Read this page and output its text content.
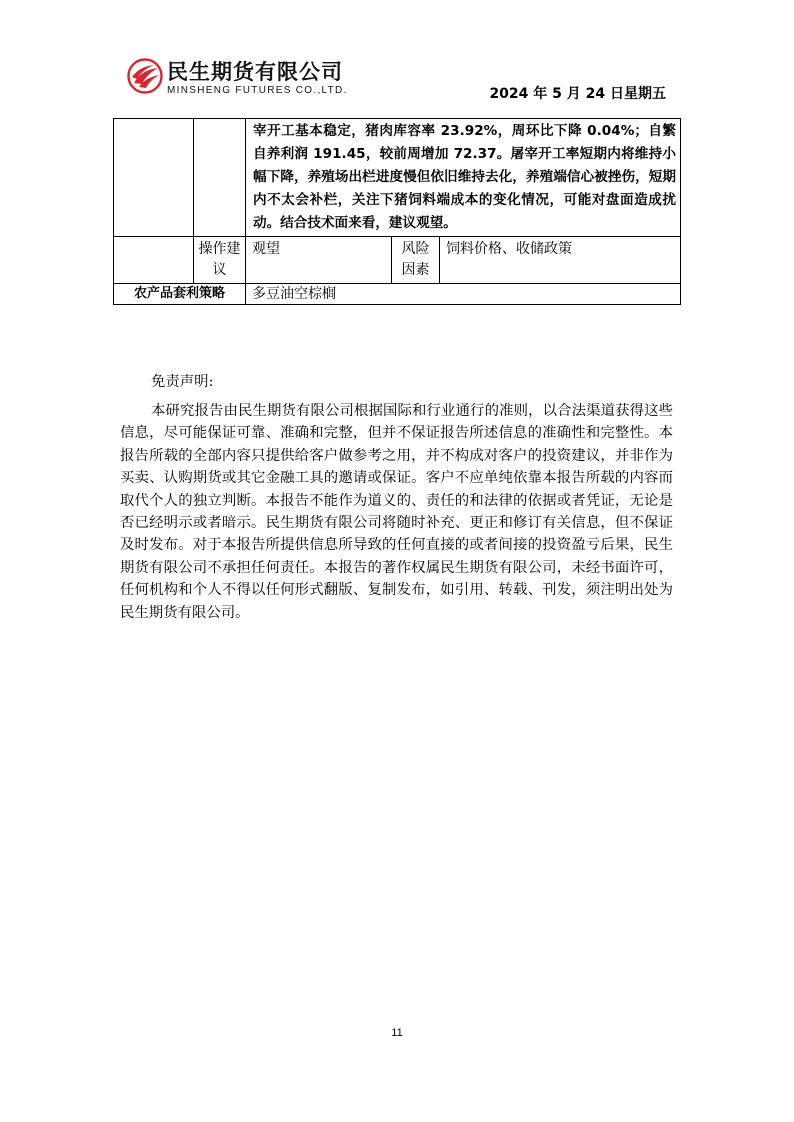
民生期货有限公司
MINSHENG FUTURES CO.,LTD.	2024 年 5 月 24 日星期五
		宰开工基本稳定，猪肉库容率 23.92%，周环比下降 0.04%；自繁自养利润 191.45，较前周增加 72.37。屠宰开工率短期内将维持小幅下降，养殖场出栏进度慢但依旧维持去化，养殖端信心被挫伤，短期内不太会补栏，关注下猪饲料端成本的变化情况，可能对盘面造成扰动。结合技术面来看，建议观望。		
	操作建议	观望	风险因素	饲料价格、收储政策
农产品套利策略		多豆油空棕榈		
免责声明:

本研究报告由民生期货有限公司根据国际和行业通行的准则，以合法渠道获得这些信息，尽可能保证可靠、准确和完整，但并不保证报告所述信息的准确性和完整性。本报告所载的全部内容只提供给客户做参考之用，并不构成对客户的投资建议，并非作为买卖、认购期货或其它金融工具的邀请或保证。客户不应单纯依靠本报告所载的内容而取代个人的独立判断。本报告不能作为道义的、责任的和法律的依据或者凭证，无论是否已经明示或者暗示。民生期货有限公司将随时补充、更正和修订有关信息，但不保证及时发布。对于本报告所提供信息所导致的任何直接的或者间接的投资盈亏后果，民生期货有限公司不承担任何责任。本报告的著作权属民生期货有限公司，未经书面许可，任何机构和个人不得以任何形式翻版、复制发布，如引用、转载、刊发，须注明出处为民生期货有限公司。

11
